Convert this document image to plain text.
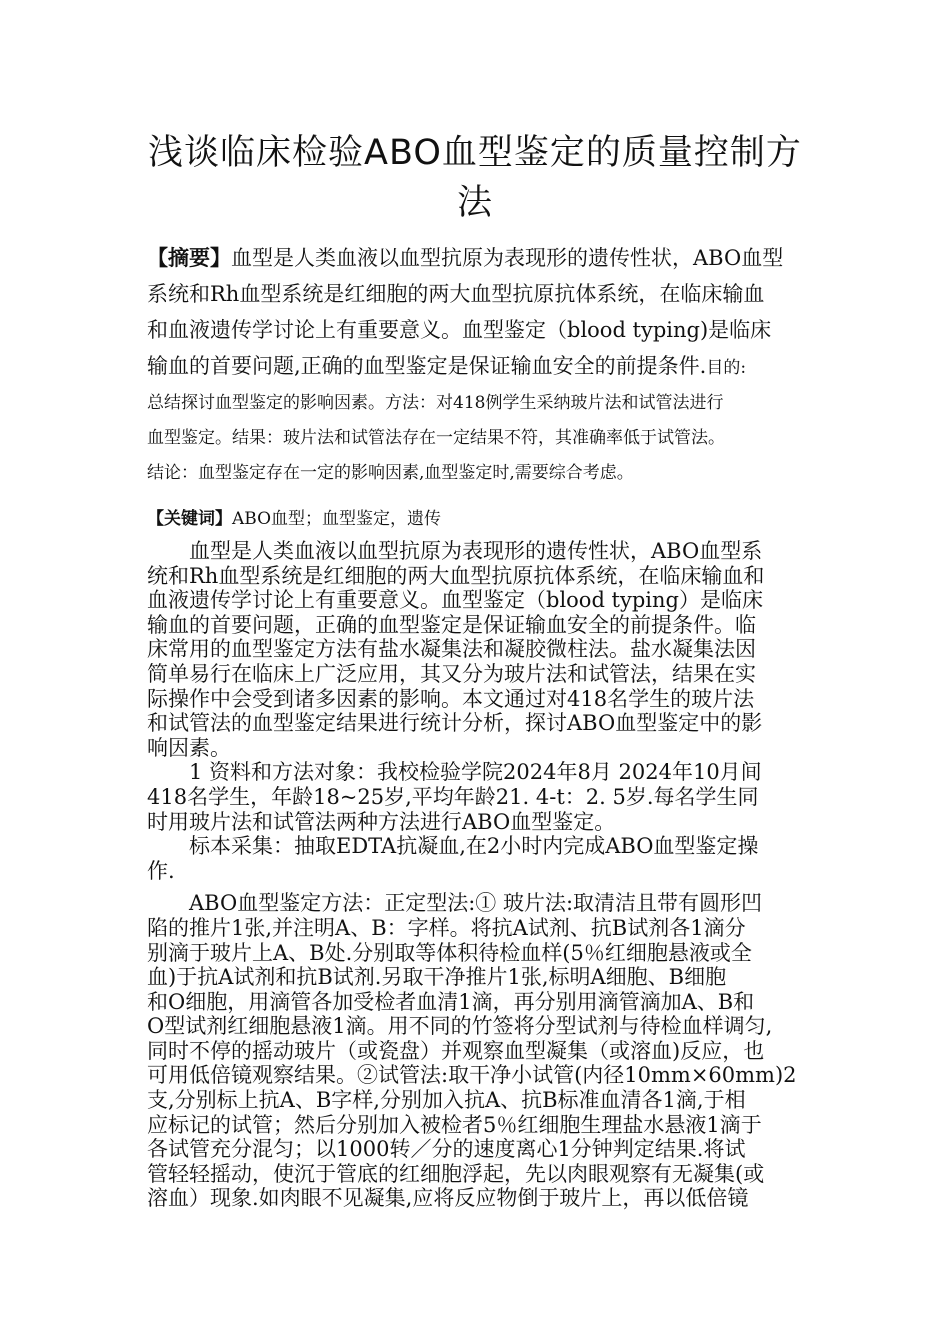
浅谈临床检验ABO血型鉴定的质量控制方
法

【摘要】血型是人类血液以血型抗原为表现形的遗传性状，ABO血型

系统和Rh血型系统是红细胞的两大血型抗原抗体系统，在临床输血

和血液遗传学讨论上有重要意义。血型鉴定（blood typing)是临床

输血的首要问题,正确的血型鉴定是保证输血安全的前提条件.目的:

总结探讨血型鉴定的影响因素。方法：对418例学生采纳玻片法和试管法进行

血型鉴定。结果：玻片法和试管法存在一定结果不符，其准确率低于试管法。

结论：血型鉴定存在一定的影响因素,血型鉴定时,需要综合考虑。

【关键词】ABO血型；血型鉴定，遗传

　　血型是人类血液以血型抗原为表现形的遗传性状，ABO血型系
统和Rh血型系统是红细胞的两大血型抗原抗体系统，在临床输血和
血液遗传学讨论上有重要意义。血型鉴定（blood typing）是临床
输血的首要问题，正确的血型鉴定是保证输血安全的前提条件。临
床常用的血型鉴定方法有盐水凝集法和凝胶微柱法。盐水凝集法因
简单易行在临床上广泛应用，其又分为玻片法和试管法，结果在实
际操作中会受到诸多因素的影响。本文通过对418名学生的玻片法
和试管法的血型鉴定结果进行统计分析，探讨ABO血型鉴定中的影
响因素。
　　1 资料和方法对象：我校检验学院2024年8月 2024年10月间
418名学生，年龄18~25岁,平均年龄21. 4-t：2. 5岁.每名学生同
时用玻片法和试管法两种方法进行ABO血型鉴定。
　　标本采集：抽取EDTA抗凝血,在2小时内完成ABO血型鉴定操
作.
　　ABO血型鉴定方法：正定型法:① 玻片法:取清洁且带有圆形凹
陷的推片1张,并注明A、B：字样。将抗A试剂、抗B试剂各1滴分
别滴于玻片上A、B处.分别取等体积待检血样(5％红细胞悬液或全
血)于抗A试剂和抗B试剂.另取干净推片1张,标明A细胞、B细胞
和O细胞，用滴管各加受检者血清1滴，再分别用滴管滴加A、B和
O型试剂红细胞悬液1滴。用不同的竹签将分型试剂与待检血样调匀,
同时不停的摇动玻片（或瓷盘）并观察血型凝集（或溶血)反应，也
可用低倍镜观察结果。②试管法:取干净小试管(内径10mm×60mm)2
支,分别标上抗A、B字样,分别加入抗A、抗B标准血清各1滴,于相
应标记的试管；然后分别加入被检者5％红细胞生理盐水悬液1滴于
各试管充分混匀；以1000转／分的速度离心1分钟判定结果.将试
管轻轻摇动，使沉于管底的红细胞浮起，先以肉眼观察有无凝集(或
溶血）现象.如肉眼不见凝集,应将反应物倒于玻片上，再以低倍镜
